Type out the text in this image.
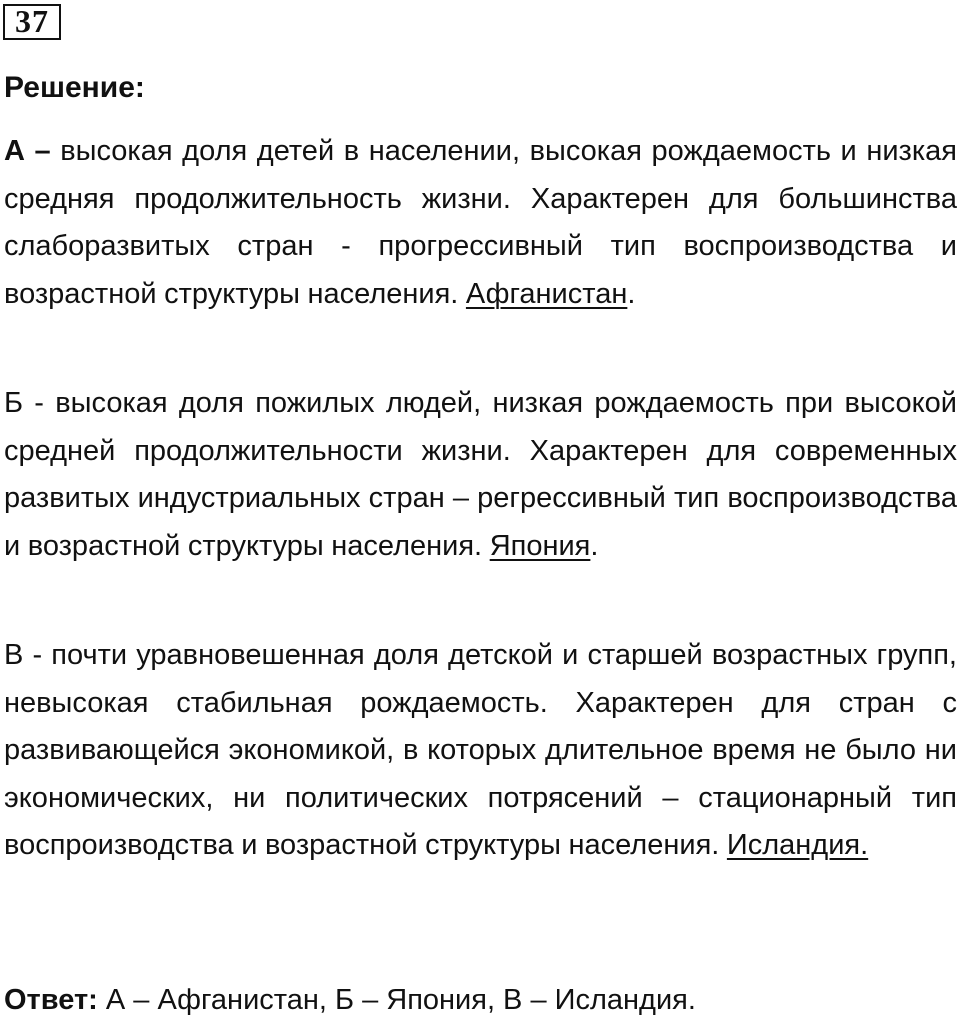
37
Решение:

А – высокая доля детей в населении, высокая рождаемость и низкая средняя продолжительность жизни. Характерен для большинства слаборазвитых стран - прогрессивный тип воспроизводства и возрастной структуры населения. Афганистан.

Б - высокая доля пожилых людей, низкая рождаемость при высокой средней продолжительности жизни. Характерен для современных развитых индустриальных стран – регрессивный тип воспроизводства и возрастной структуры населения. Япония.

В - почти уравновешенная доля детской и старшей возрастных групп, невысокая стабильная рождаемость. Характерен для стран с развивающейся экономикой, в которых длительное время не было ни экономических, ни политических потрясений – стационарный тип воспроизводства и возрастной структуры населения. Исландия.

Ответ: А – Афганистан, Б – Япония, В – Исландия.
